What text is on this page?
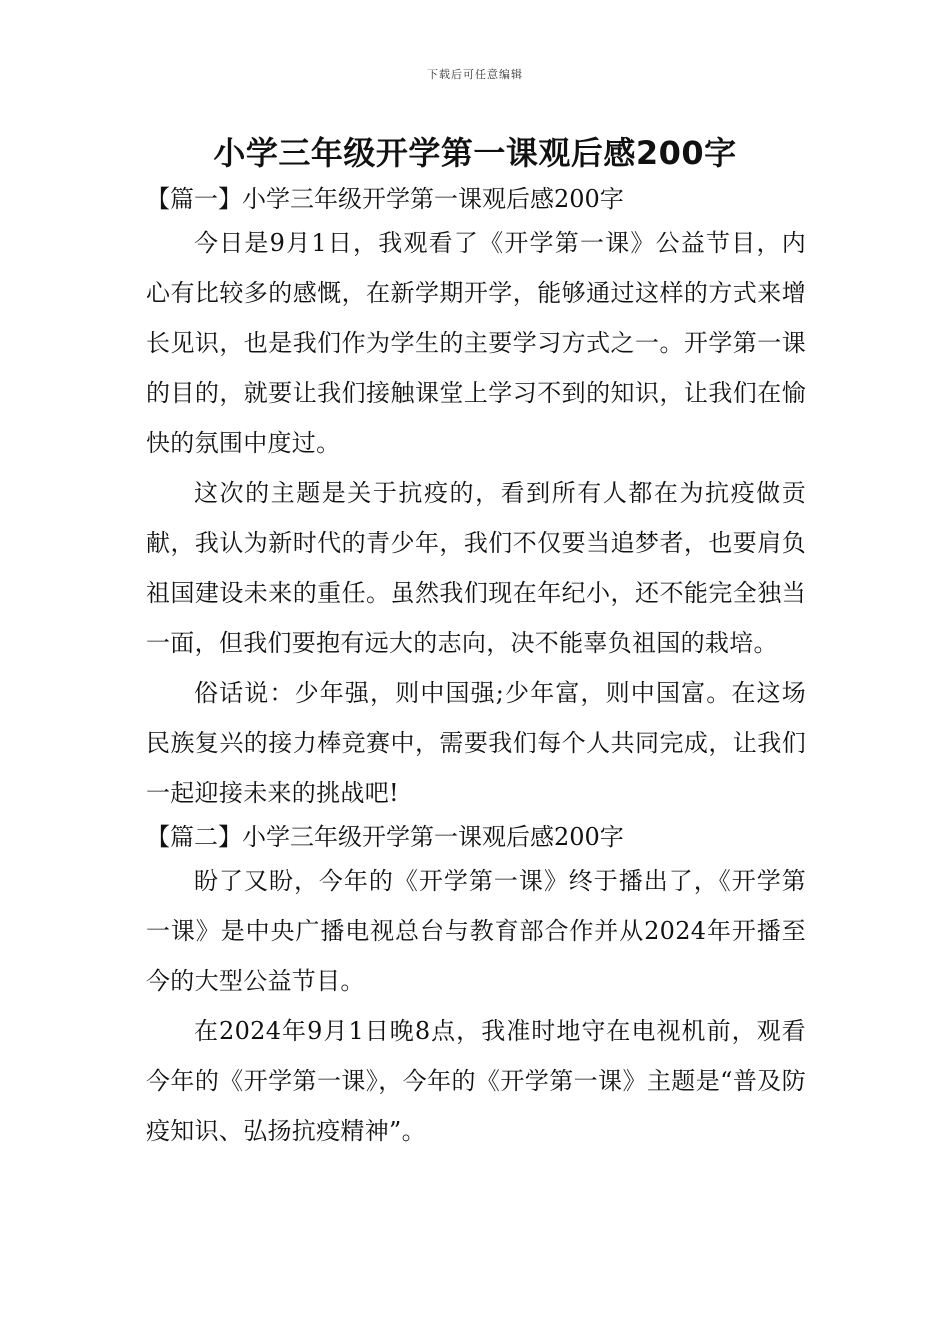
下载后可任意编辑
小学三年级开学第一课观后感200字
【篇一】小学三年级开学第一课观后感200字

今日是9月1日，我观看了《开学第一课》公益节目，内心有比较多的感慨，在新学期开学，能够通过这样的方式来增长见识，也是我们作为学生的主要学习方式之一。开学第一课的目的，就要让我们接触课堂上学习不到的知识，让我们在愉快的氛围中度过。

这次的主题是关于抗疫的，看到所有人都在为抗疫做贡献，我认为新时代的青少年，我们不仅要当追梦者，也要肩负祖国建设未来的重任。虽然我们现在年纪小，还不能完全独当一面，但我们要抱有远大的志向，决不能辜负祖国的栽培。

俗话说：少年强，则中国强;少年富，则中国富。在这场民族复兴的接力棒竞赛中，需要我们每个人共同完成，让我们一起迎接未来的挑战吧!

【篇二】小学三年级开学第一课观后感200字

盼了又盼，今年的《开学第一课》终于播出了，《开学第一课》是中央广播电视总台与教育部合作并从2024年开播至今的大型公益节目。

在2024年9月1日晚8点，我准时地守在电视机前，观看今年的《开学第一课》，今年的《开学第一课》主题是“普及防疫知识、弘扬抗疫精神”。
